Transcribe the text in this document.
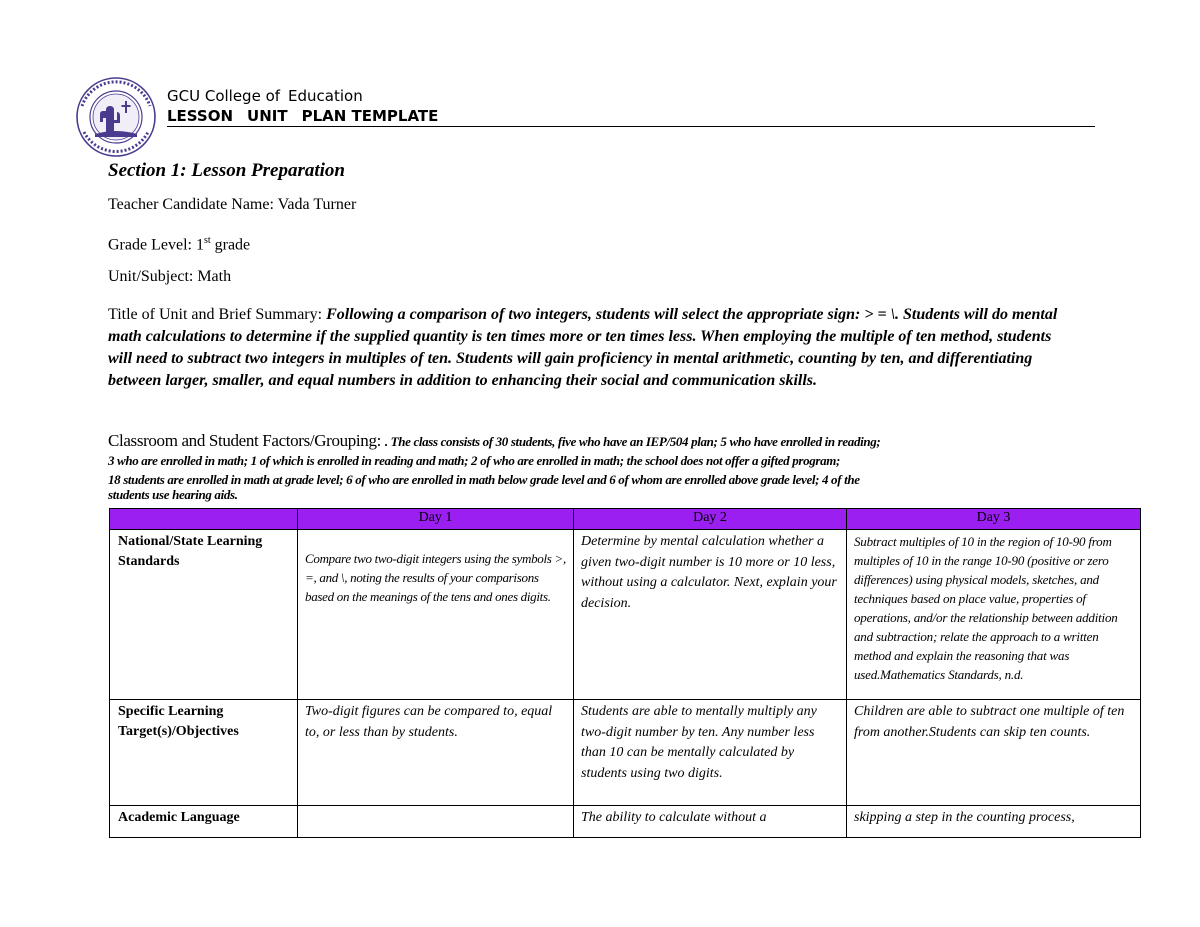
GCU College of Education
LESSON UNIT PLAN TEMPLATE
Section 1: Lesson Preparation
Teacher Candidate Name: Vada Turner
Grade Level: 1st grade
Unit/Subject: Math
Title of Unit and Brief Summary: Following a comparison of two integers, students will select the appropriate sign: > = \. Students will do mental math calculations to determine if the supplied quantity is ten times more or ten times less. When employing the multiple of ten method, students will need to subtract two integers in multiples of ten. Students will gain proficiency in mental arithmetic, counting by ten, and differentiating between larger, smaller, and equal numbers in addition to enhancing their social and communication skills.

Classroom and Student Factors/Grouping: . The class consists of 30 students, five who have an IEP/504 plan; 5 who have enrolled in reading;

3 who are enrolled in math; 1 of which is enrolled in reading and math; 2 of who are enrolled in math; the school does not offer a gifted program;

18 students are enrolled in math at grade level; 6 of who are enrolled in math below grade level and 6 of whom are enrolled above grade level; 4 of the

students use hearing aids.

	Day 1	Day 2	Day 3
National/State Learning Standards	Compare two two-digit integers using the symbols >, =, and \, noting the results of your comparisons based on the meanings of the tens and ones digits.	Determine by mental calculation whether a given two-digit number is 10 more or 10 less, without using a calculator. Next, explain your decision.	Subtract multiples of 10 in the region of 10-90 from multiples of 10 in the range 10-90 (positive or zero differences) using physical models, sketches, and techniques based on place value, properties of operations, and/or the relationship between addition and subtraction; relate the approach to a written method and explain the reasoning that was used.Mathematics Standards, n.d.
Specific Learning Target(s)/Objectives	Two-digit figures can be compared to, equal to, or less than by students.	Students are able to mentally multiply any two-digit number by ten. Any number less than 10 can be mentally calculated by students using two digits.	Children are able to subtract one multiple of ten from another.Students can skip ten counts.
Academic Language		The ability to calculate without a	skipping a step in the counting process,
